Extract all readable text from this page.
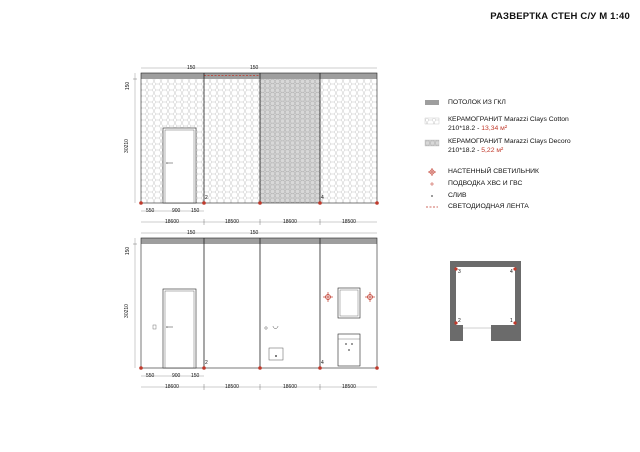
РАЗВЕРТКА СТЕН С/У М 1:40
150	150
150
30210
550	900 150
18600	18500	18600	18500
2	4
150	150
150
30210
550	900 150
18600	18500	18600	18500
2	4
3	4
2	1
ПОТОЛОК ИЗ ГКЛ
КЕРАМОГРАНИТ Marazzi Clays Cotton
210*18.2 - 13,34 м²
КЕРАМОГРАНИТ Marazzi Clays Decoro
210*18.2 - 5,22 м²
НАСТЕННЫЙ СВЕТИЛЬНИК
ПОДВОДКА ХВС И ГВС
СЛИВ
СВЕТОДИОДНАЯ ЛЕНТА
